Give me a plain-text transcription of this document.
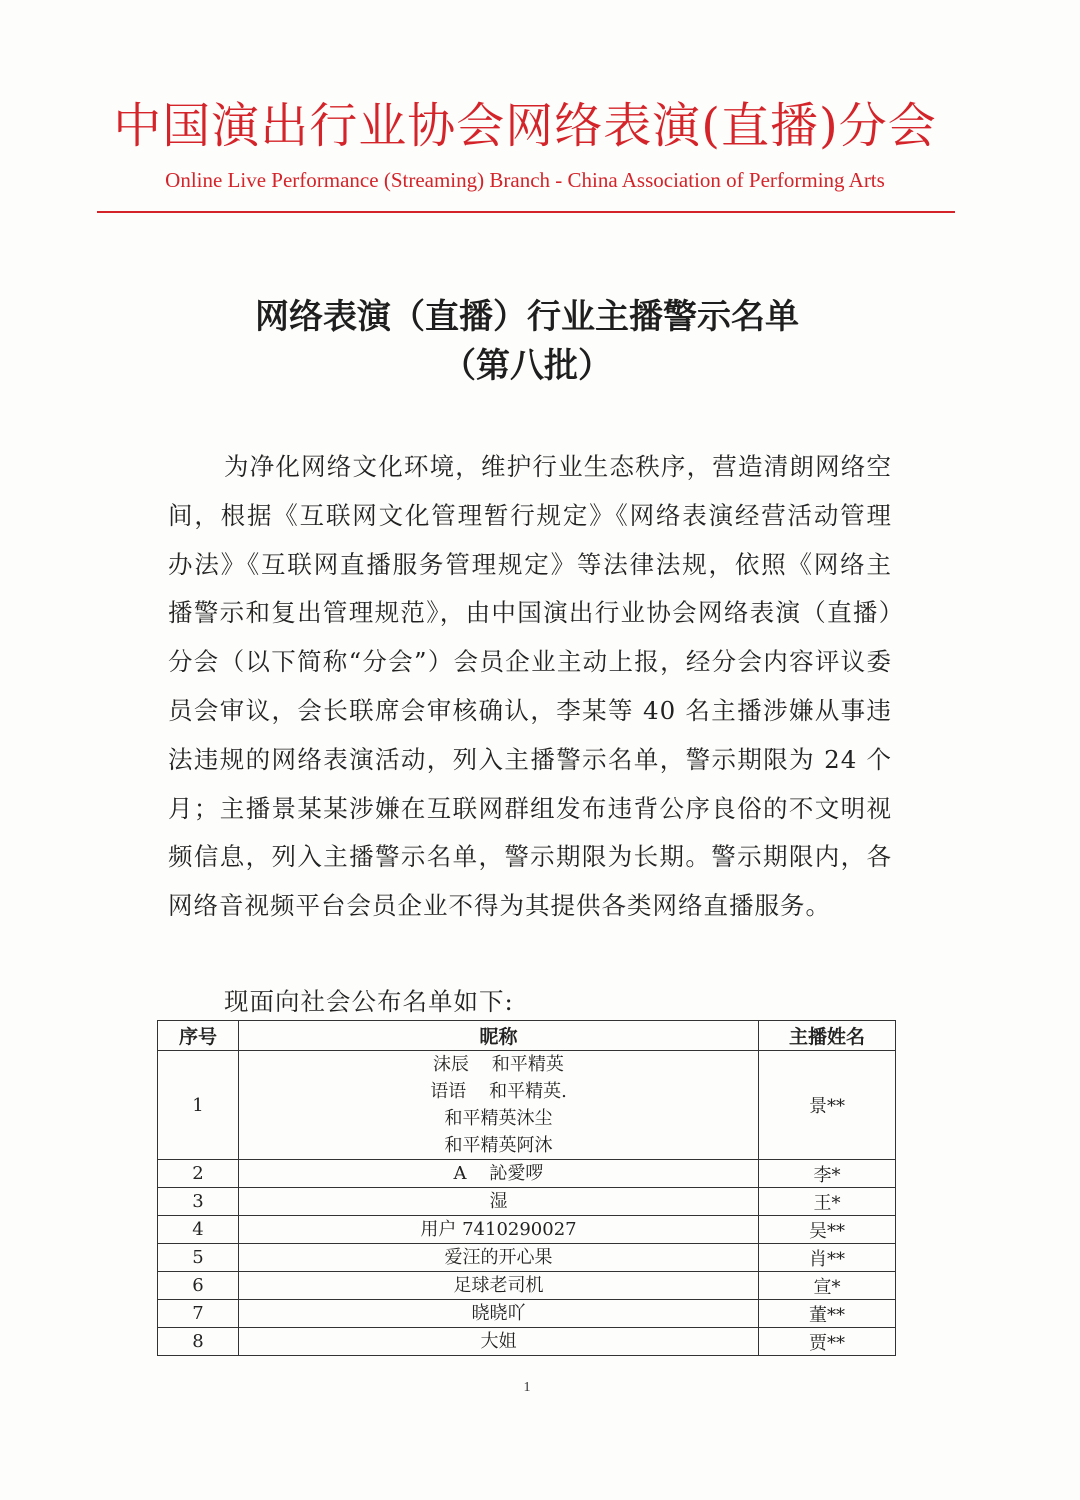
中国演出行业协会网络表演(直播)分会
Online Live Performance (Streaming) Branch - China Association of Performing Arts
网络表演（直播）行业主播警示名单
（第八批）
为净化网络文化环境，维护行业生态秩序，营造清朗网络空间，根据《互联网文化管理暂行规定》《网络表演经营活动管理办法》《互联网直播服务管理规定》等法律法规，依照《网络主播警示和复出管理规范》，由中国演出行业协会网络表演（直播）分会（以下简称“分会”）会员企业主动上报，经分会内容评议委员会审议，会长联席会审核确认，李某等 40 名主播涉嫌从事违法违规的网络表演活动，列入主播警示名单，警示期限为 24 个月；主播景某某涉嫌在互联网群组发布违背公序良俗的不文明视频信息，列入主播警示名单，警示期限为长期。警示期限内，各网络音视频平台会员企业不得为其提供各类网络直播服务。
现面向社会公布名单如下:
序号	昵称	主播姓名
1	沫辰    和平精英
语语    和平精英.
和平精英沐尘
和平精英阿沐	景**
2	A    訫愛啰	李*
3	湿	王*
4	用户 7410290027	吴**
5	爱汪的开心果	肖**
6	足球老司机	宣*
7	晓晓吖	董**
8	大姐	贾**
1
